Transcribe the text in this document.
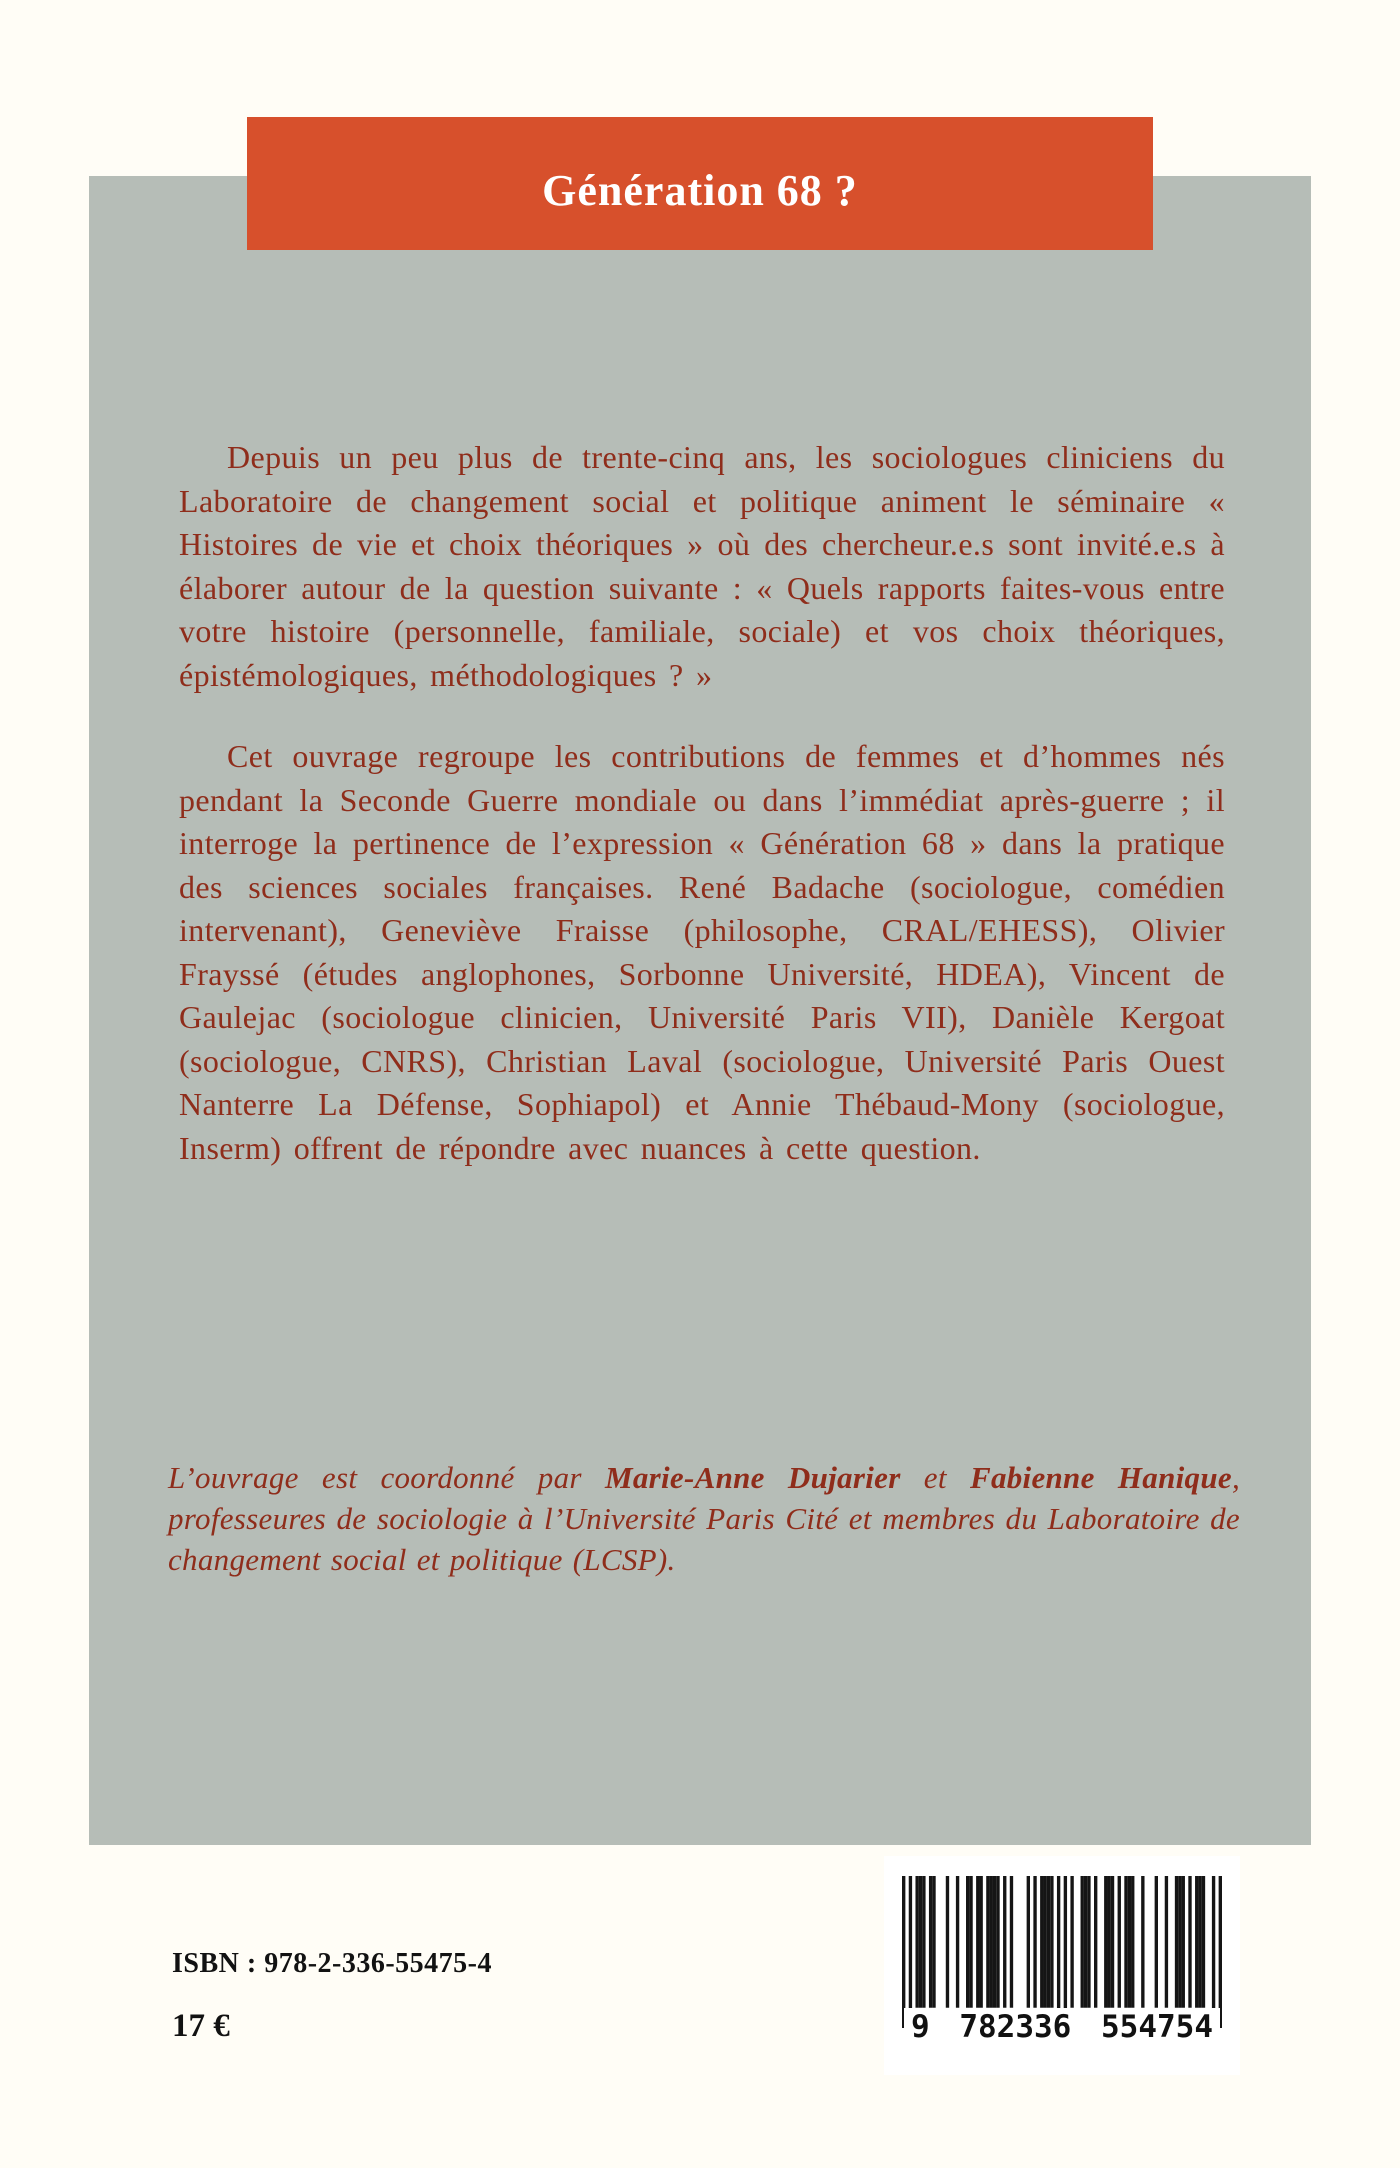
Génération 68 ?

Depuis un peu plus de trente-cinq ans, les sociologues cliniciens du Laboratoire de changement social et politique animent le séminaire « Histoires de vie et choix théoriques » où des chercheur.e.s sont invité.e.s à élaborer autour de la question suivante : « Quels rapports faites-vous entre votre histoire (personnelle, familiale, sociale) et vos choix théoriques, épistémologiques, méthodologiques ? »

Cet ouvrage regroupe les contributions de femmes et d’hommes nés pendant la Seconde Guerre mondiale ou dans l’immédiat après-guerre ; il interroge la pertinence de l’expression « Génération 68 » dans la pratique des sciences sociales françaises. René Badache (sociologue, comédien intervenant), Geneviève Fraisse (philosophe, CRAL/EHESS), Olivier Frayssé (études anglophones, Sorbonne Université, HDEA), Vincent de Gaulejac (sociologue clinicien, Université Paris VII), Danièle Kergoat (sociologue, CNRS), Christian Laval (sociologue, Université Paris Ouest Nanterre La Défense, Sophiapol) et Annie Thébaud-Mony (sociologue, Inserm) offrent de répondre avec nuances à cette question.

L’ouvrage est coordonné par Marie-Anne Dujarier et Fabienne Hanique, professeures de sociologie à l’Université Paris Cité et membres du Laboratoire de changement social et politique (LCSP).
ISBN : 978-2-336-55475-4
17 €	9 782336 554754
